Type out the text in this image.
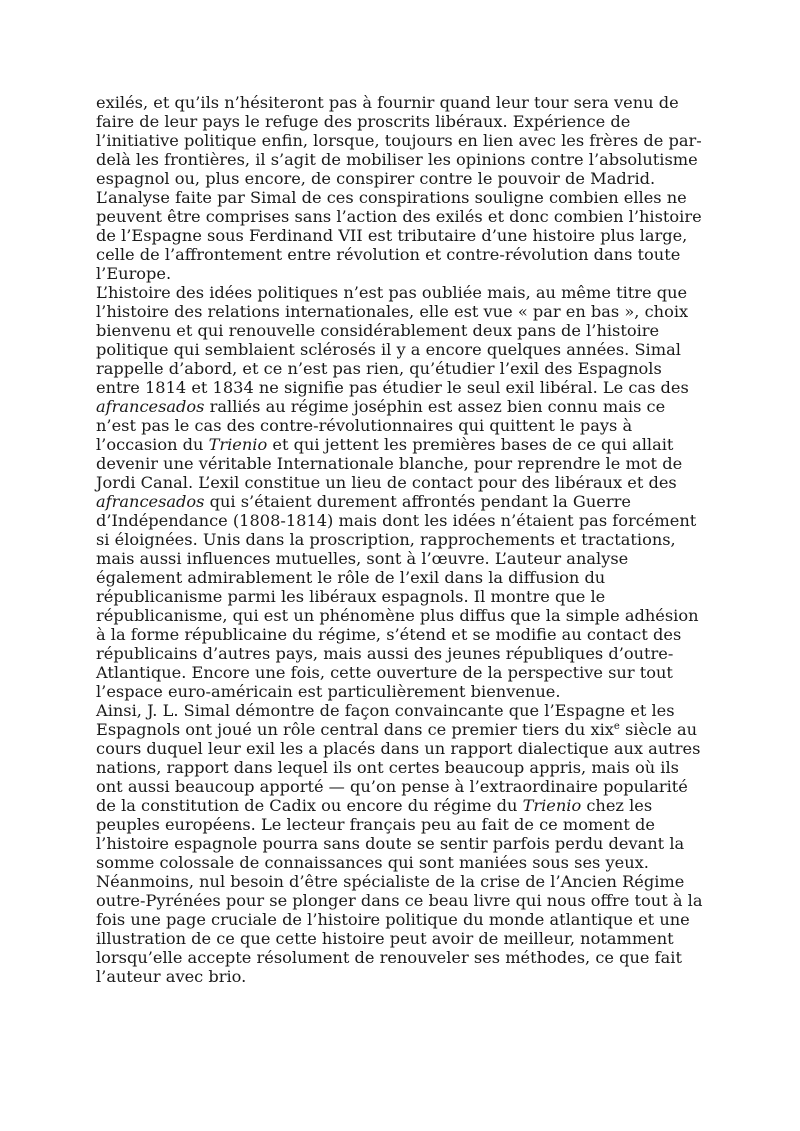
exilés, et qu’ils n’hésiteront pas à fournir quand leur tour sera venu de
faire de leur pays le refuge des proscrits libéraux. Expérience de
l’initiative politique enfin, lorsque, toujours en lien avec les frères de par-
delà les frontières, il s’agit de mobiliser les opinions contre l’absolutisme
espagnol ou, plus encore, de conspirer contre le pouvoir de Madrid.
L’analyse faite par Simal de ces conspirations souligne combien elles ne
peuvent être comprises sans l’action des exilés et donc combien l’histoire
de l’Espagne sous Ferdinand VII est tributaire d’une histoire plus large,
celle de l’affrontement entre révolution et contre-révolution dans toute
l’Europe.
L’histoire des idées politiques n’est pas oubliée mais, au même titre que
l’histoire des relations internationales, elle est vue « par en bas », choix
bienvenu et qui renouvelle considérablement deux pans de l’histoire
politique qui semblaient sclérosés il y a encore quelques années. Simal
rappelle d’abord, et ce n’est pas rien, qu’étudier l’exil des Espagnols
entre 1814 et 1834 ne signifie pas étudier le seul exil libéral. Le cas des
afrancesados ralliés au régime joséphin est assez bien connu mais ce
n’est pas le cas des contre-révolutionnaires qui quittent le pays à
l’occasion du Trienio et qui jettent les premières bases de ce qui allait
devenir une véritable Internationale blanche, pour reprendre le mot de
Jordi Canal. L’exil constitue un lieu de contact pour des libéraux et des
afrancesados qui s’étaient durement affrontés pendant la Guerre
d’Indépendance (1808-1814) mais dont les idées n’étaient pas forcément
si éloignées. Unis dans la proscription, rapprochements et tractations,
mais aussi influences mutuelles, sont à l’œuvre. L’auteur analyse
également admirablement le rôle de l’exil dans la diffusion du
républicanisme parmi les libéraux espagnols. Il montre que le
républicanisme, qui est un phénomène plus diffus que la simple adhésion
à la forme républicaine du régime, s’étend et se modifie au contact des
républicains d’autres pays, mais aussi des jeunes républiques d’outre-
Atlantique. Encore une fois, cette ouverture de la perspective sur tout
l’espace euro-américain est particulièrement bienvenue.
Ainsi, J. L. Simal démontre de façon convaincante que l’Espagne et les
Espagnols ont joué un rôle central dans ce premier tiers du xix$^e$ siècle au
cours duquel leur exil les a placés dans un rapport dialectique aux autres
nations, rapport dans lequel ils ont certes beaucoup appris, mais où ils
ont aussi beaucoup apporté — qu’on pense à l’extraordinaire popularité
de la constitution de Cadix ou encore du régime du Trienio chez les
peuples européens. Le lecteur français peu au fait de ce moment de
l’histoire espagnole pourra sans doute se sentir parfois perdu devant la
somme colossale de connaissances qui sont maniées sous ses yeux.
Néanmoins, nul besoin d’être spécialiste de la crise de l’Ancien Régime
outre-Pyrénées pour se plonger dans ce beau livre qui nous offre tout à la
fois une page cruciale de l’histoire politique du monde atlantique et une
illustration de ce que cette histoire peut avoir de meilleur, notamment
lorsqu’elle accepte résolument de renouveler ses méthodes, ce que fait
l’auteur avec brio.
